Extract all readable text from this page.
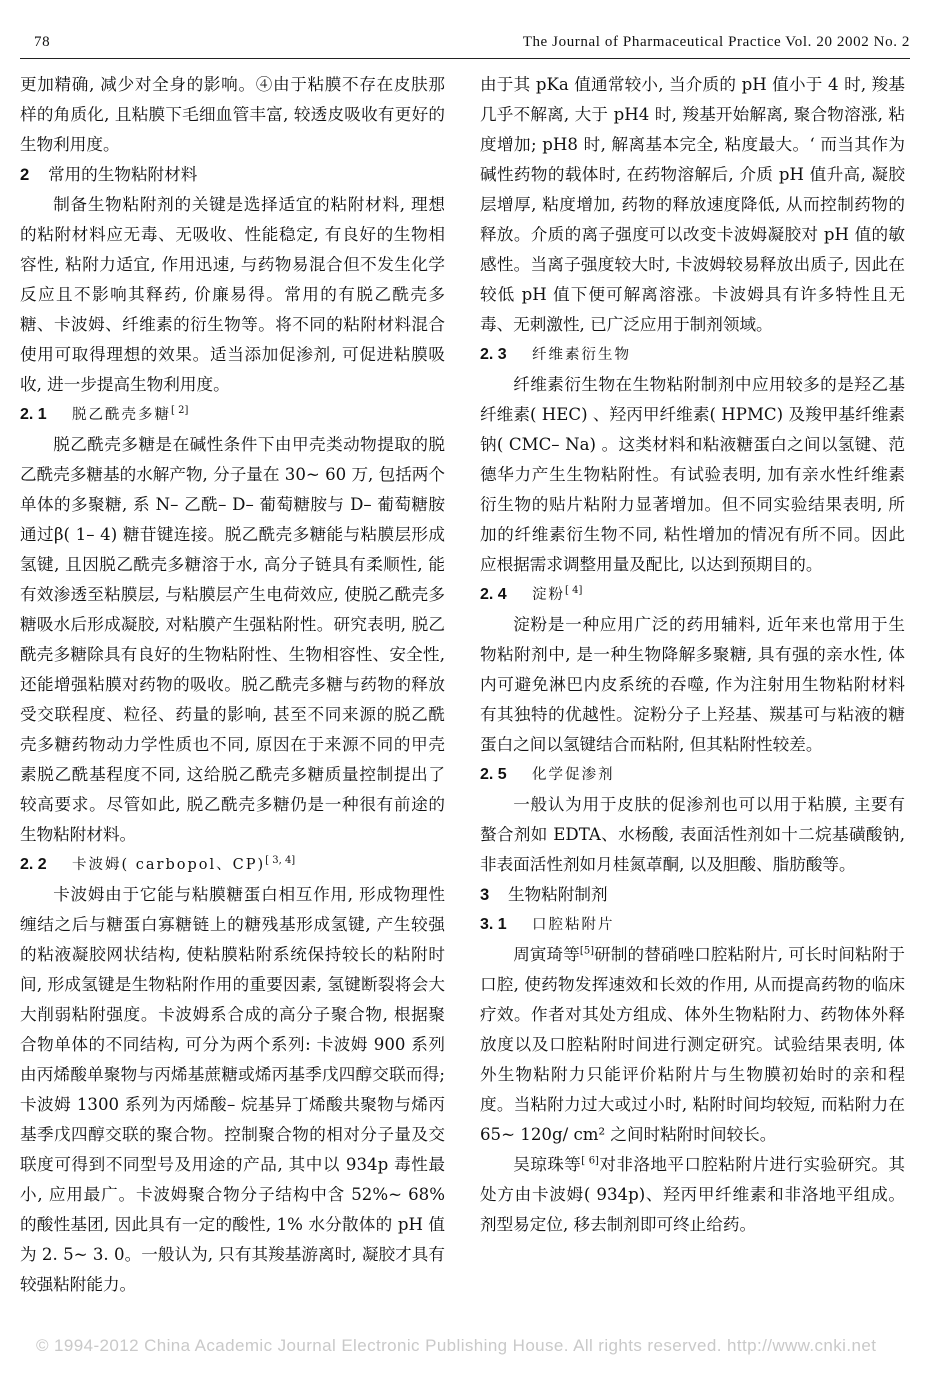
78	The Journal of Pharmaceutical Practice Vol. 20 2002 No. 2

更加精确, 减少对全身的影响。④由于粘膜不存在皮肤那样的角质化, 且粘膜下毛细血管丰富, 较透皮吸收有更好的生物利用度。

2 常用的生物粘附材料

制备生物粘附剂的关键是选择适宜的粘附材料, 理想的粘附材料应无毒、无吸收、性能稳定, 有良好的生物相容性, 粘附力适宜, 作用迅速, 与药物易混合但不发生化学反应且不影响其释药, 价廉易得。常用的有脱乙酰壳多糖、卡波姆、纤维素的衍生物等。将不同的粘附材料混合使用可取得理想的效果。适当添加促渗剂, 可促进粘膜吸收, 进一步提高生物利用度。

2. 1 脱乙酰壳多糖[ 2]

脱乙酰壳多糖是在碱性条件下由甲壳类动物提取的脱乙酰壳多糖基的水解产物, 分子量在 30~ 60 万, 包括两个单体的多聚糖, 系 N– 乙酰– D– 葡萄糖胺与 D– 葡萄糖胺通过β( 1– 4) 糖苷键连接。脱乙酰壳多糖能与粘膜层形成氢键, 且因脱乙酰壳多糖溶于水, 高分子链具有柔顺性, 能有效渗透至粘膜层, 与粘膜层产生电荷效应, 使脱乙酰壳多糖吸水后形成凝胶, 对粘膜产生强粘附性。研究表明, 脱乙酰壳多糖除具有良好的生物粘附性、生物相容性、安全性, 还能增强粘膜对药物的吸收。脱乙酰壳多糖与药物的释放受交联程度、粒径、药量的影响, 甚至不同来源的脱乙酰壳多糖药物动力学性质也不同, 原因在于来源不同的甲壳素脱乙酰基程度不同, 这给脱乙酰壳多糖质量控制提出了较高要求。尽管如此, 脱乙酰壳多糖仍是一种很有前途的生物粘附材料。

2. 2 卡波姆( carbopol、CP)[ 3, 4]

卡波姆由于它能与粘膜糖蛋白相互作用, 形成物理性缠结之后与糖蛋白寡糖链上的糖残基形成氢键, 产生较强的粘液凝胶网状结构, 使粘膜粘附系统保持较长的粘附时间, 形成氢键是生物粘附作用的重要因素, 氢键断裂将会大大削弱粘附强度。卡波姆系合成的高分子聚合物, 根据聚合物单体的不同结构, 可分为两个系列: 卡波姆 900 系列由丙烯酸单聚物与丙烯基蔗糖或烯丙基季戊四醇交联而得; 卡波姆 1300 系列为丙烯酸– 烷基异丁烯酸共聚物与烯丙基季戊四醇交联的聚合物。控制聚合物的相对分子量及交联度可得到不同型号及用途的产品, 其中以 934p 毒性最小, 应用最广。卡波姆聚合物分子结构中含 52%~ 68% 的酸性基团, 因此具有一定的酸性, 1% 水分散体的 pH 值为 2. 5~ 3. 0。一般认为, 只有其羧基游离时, 凝胶才具有较强粘附能力。

由于其 pKa 值通常较小, 当介质的 pH 值小于 4 时, 羧基几乎不解离, 大于 pH4 时, 羧基开始解离, 聚合物溶涨, 粘度增加; pH8 时, 解离基本完全, 粘度最大。‘ 而当其作为碱性药物的载体时, 在药物溶解后, 介质 pH 值升高, 凝胶层增厚, 粘度增加, 药物的释放速度降低, 从而控制药物的释放。介质的离子强度可以改变卡波姆凝胶对 pH 值的敏感性。当离子强度较大时, 卡波姆较易释放出质子, 因此在较低 pH 值下便可解离溶涨。卡波姆具有许多特性且无毒、无刺激性, 已广泛应用于制剂领域。

2. 3 纤维素衍生物

纤维素衍生物在生物粘附制剂中应用较多的是羟乙基纤维素( HEC) 、羟丙甲纤维素( HPMC) 及羧甲基纤维素钠( CMC– Na) 。这类材料和粘液糖蛋白之间以氢键、范德华力产生生物粘附性。有试验表明, 加有亲水性纤维素衍生物的贴片粘附力显著增加。但不同实验结果表明, 所加的纤维素衍生物不同, 粘性增加的情况有所不同。因此应根据需求调整用量及配比, 以达到预期目的。

2. 4 淀粉[ 4]

淀粉是一种应用广泛的药用辅料, 近年来也常用于生物粘附剂中, 是一种生物降解多聚糖, 具有强的亲水性, 体内可避免淋巴内皮系统的吞噬, 作为注射用生物粘附材料有其独特的优越性。淀粉分子上羟基、羰基可与粘液的糖蛋白之间以氢键结合而粘附, 但其粘附性较差。

2. 5 化学促渗剂

一般认为用于皮肤的促渗剂也可以用于粘膜, 主要有螯合剂如 EDTA、水杨酸, 表面活性剂如十二烷基磺酸钠, 非表面活性剂如月桂氮䓬酮, 以及胆酸、脂肪酸等。

3 生物粘附制剂

3. 1 口腔粘附片

周寅琦等[5]研制的替硝唑口腔粘附片, 可长时间粘附于口腔, 使药物发挥速效和长效的作用, 从而提高药物的临床疗效。作者对其处方组成、体外生物粘附力、药物体外释放度以及口腔粘附时间进行测定研究。试验结果表明, 体外生物粘附力只能评价粘附片与生物膜初始时的亲和程度。当粘附力过大或过小时, 粘附时间均较短, 而粘附力在 65~ 120g/ cm² 之间时粘附时间较长。

吴琼珠等[ 6]对非洛地平口腔粘附片进行实验研究。其处方由卡波姆( 934p)、羟丙甲纤维素和非洛地平组成。剂型易定位, 移去制剂即可终止给药。

© 1994-2012 China Academic Journal Electronic Publishing House. All rights reserved. http://www.cnki.net
